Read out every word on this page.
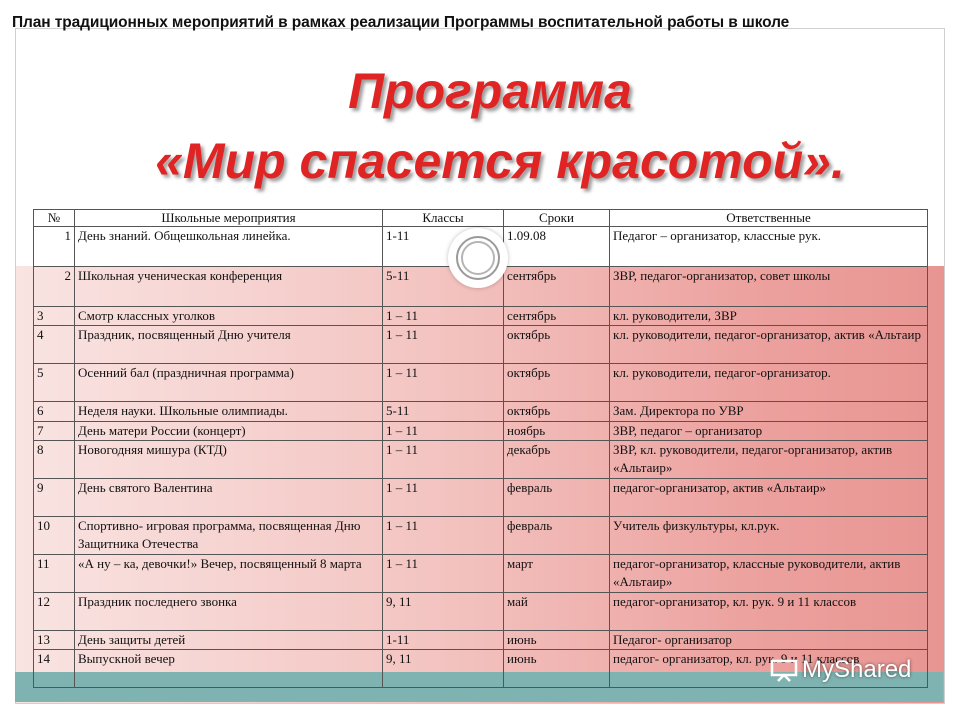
План традиционных мероприятий в рамках реализации Программы воспитательной работы в школе
Программа
«Мир спасется красотой».
№	Школьные мероприятия	Классы	Сроки	Ответственные
1	День знаний. Общешкольная линейка.	1-11	1.09.08	Педагог – организатор, классные рук.
2	Школьная ученическая конференция	5-11	сентябрь	ЗВР, педагог-организатор, совет школы
3	Смотр классных уголков	1 – 11	сентябрь	кл. руководители, ЗВР
4	Праздник, посвященный Дню учителя	1 – 11	октябрь	кл. руководители, педагог-организатор, актив «Альтаир
5	Осенний бал (праздничная программа)	1 – 11	октябрь	кл. руководители, педагог-организатор.
6	Неделя науки. Школьные олимпиады.	5-11	октябрь	Зам. Директора по УВР
7	День матери России (концерт)	1 – 11	ноябрь	ЗВР, педагог – организатор
8	Новогодняя мишура (КТД)	1 – 11	декабрь	ЗВР, кл. руководители, педагог-организатор, актив «Альтаир»
9	День святого Валентина	1 – 11	февраль	педагог-организатор, актив «Альтаир»
10	Спортивно- игровая программа, посвященная Дню Защитника Отечества	1 – 11	февраль	Учитель физкультуры, кл.рук.
11	«А ну – ка, девочки!» Вечер, посвященный 8 марта	1 – 11	март	педагог-организатор, классные руководители, актив «Альтаир»
12	Праздник последнего звонка	9, 11	май	педагог-организатор, кл. рук. 9 и 11 классов
13	День защиты детей	1-11	июнь	Педагог- организатор
14	Выпускной вечер	9, 11	июнь	педагог- организатор, кл. рук. 9 и 11 классов
MyShared
